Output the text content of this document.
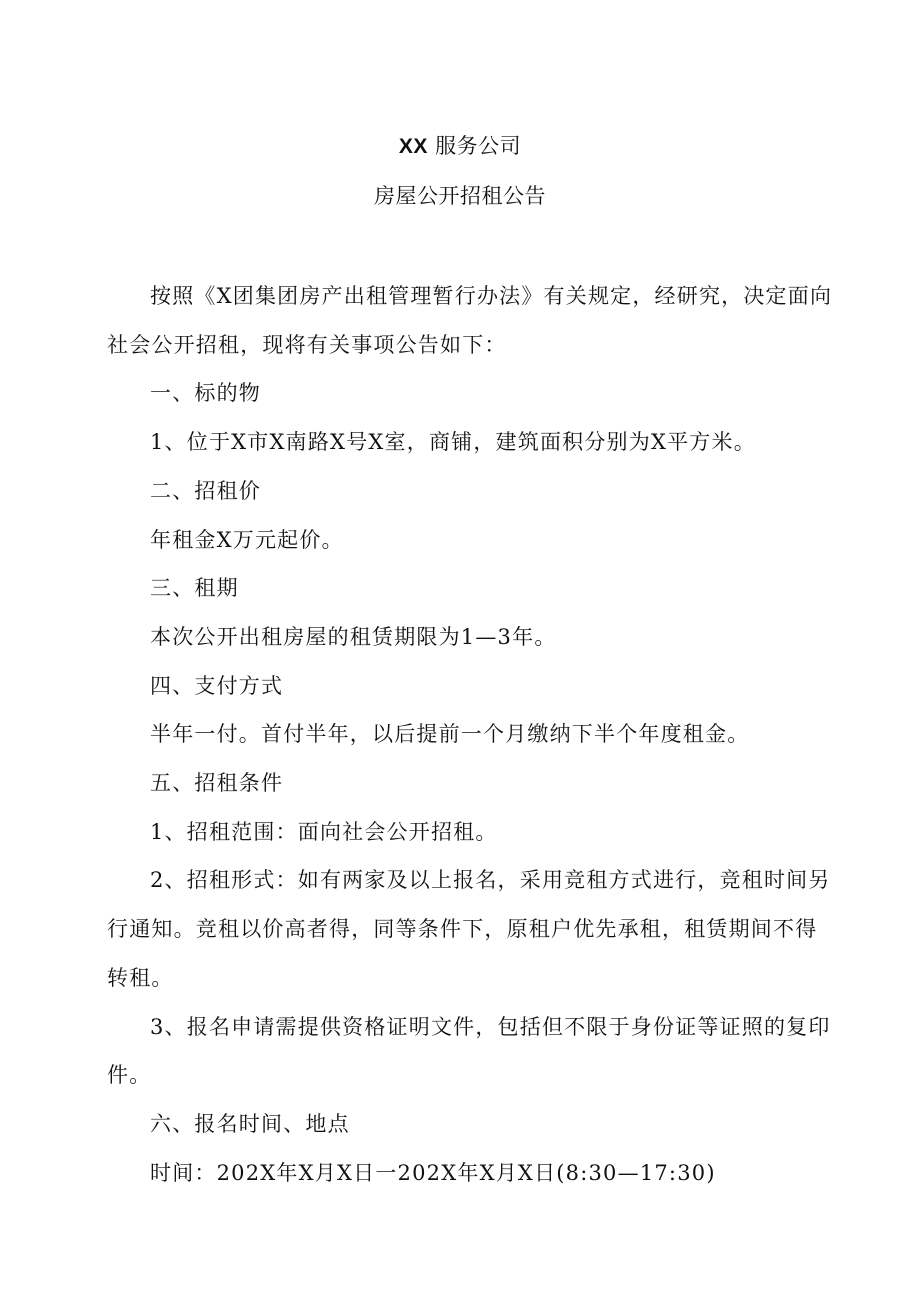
XX 服务公司
房屋公开招租公告

按照《X团集团房产出租管理暂行办法》有关规定，经研究，决定面向

社会公开招租，现将有关事项公告如下：

一、标的物

1、位于X市X南路X号X室，商铺，建筑面积分别为X平方米。

二、招租价

年租金X万元起价。

三、租期

本次公开出租房屋的租赁期限为1—3年。

四、支付方式

半年一付。首付半年，以后提前一个月缴纳下半个年度租金。

五、招租条件

1、招租范围：面向社会公开招租。

2、招租形式：如有两家及以上报名，采用竞租方式进行，竞租时间另

行通知。竞租以价高者得，同等条件下，原租户优先承租，租赁期间不得

转租。

3、报名申请需提供资格证明文件，包括但不限于身份证等证照的复印

件。

六、报名时间、地点

时间：202X年X月X日一202X年X月X日(8:30—17:30)
